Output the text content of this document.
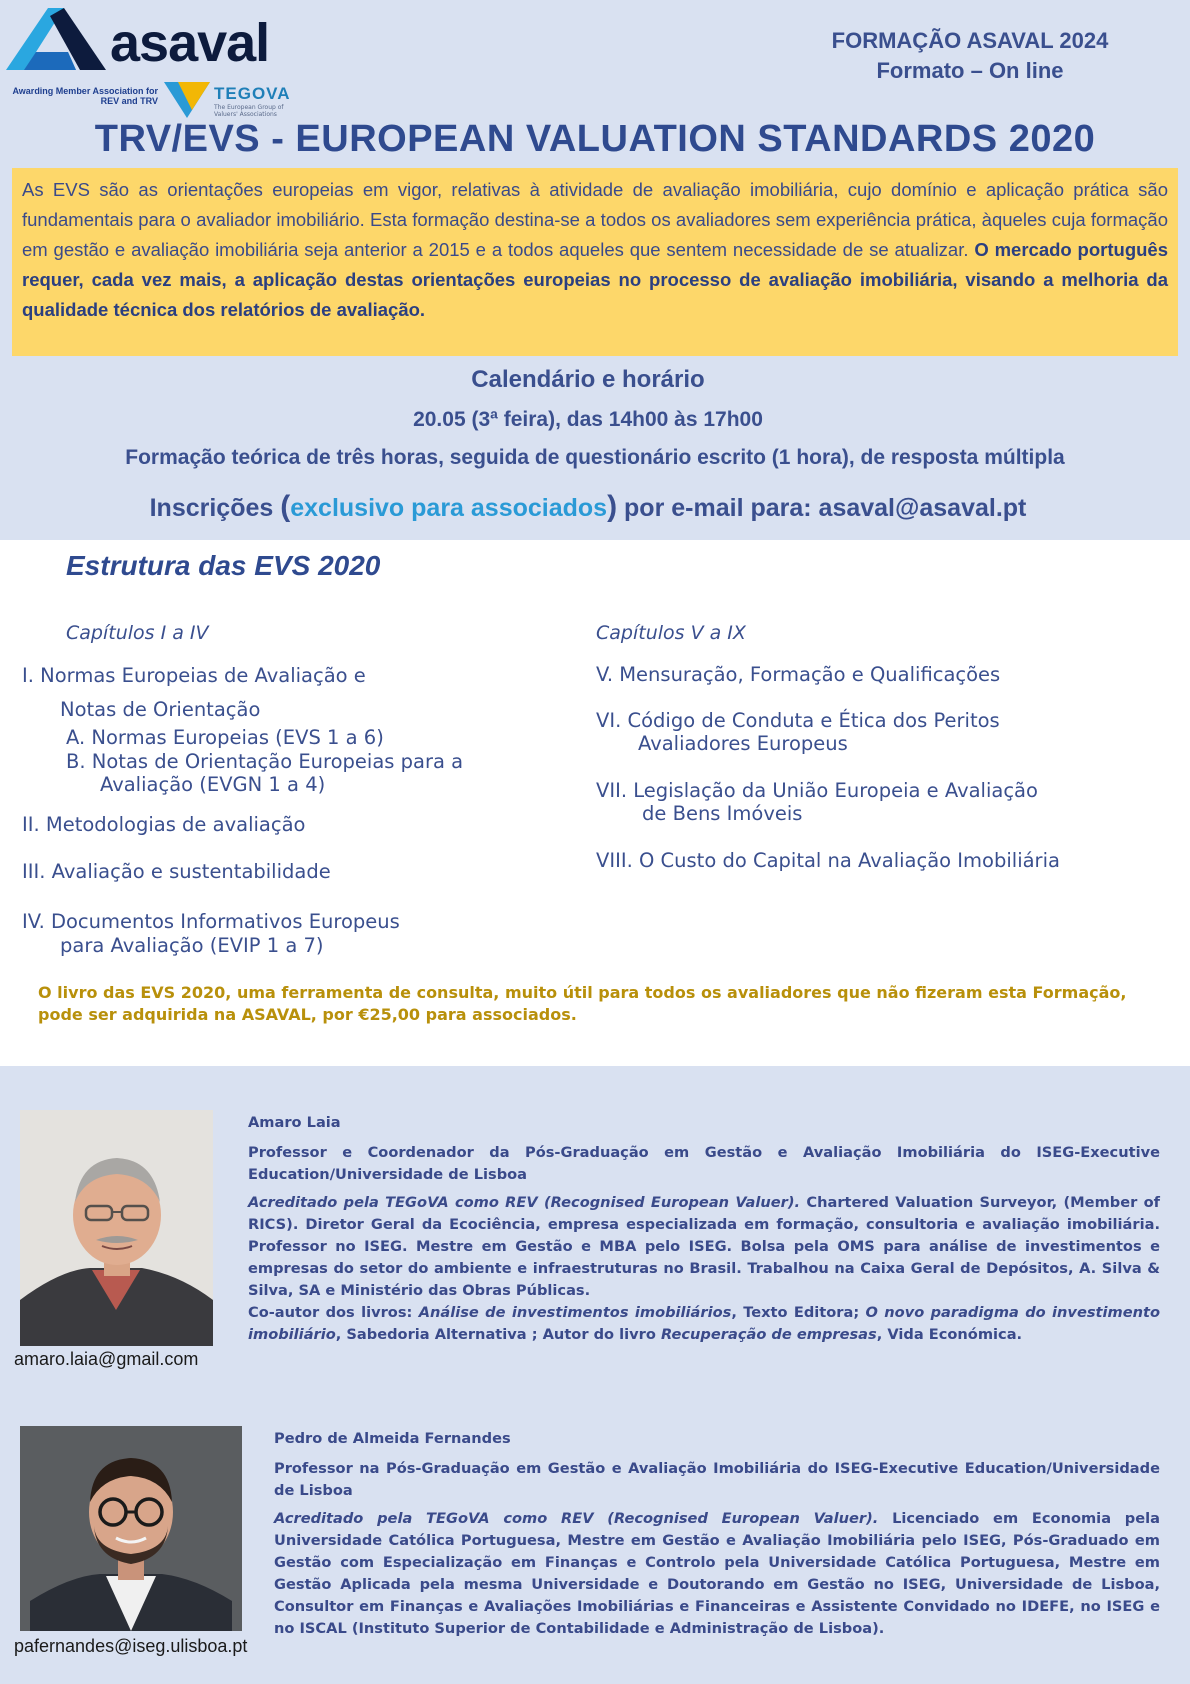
asaval
Awarding Member Association for REV and TRV	TEGOVA
The European Group of Valuers' Associations
FORMAÇÃO ASAVAL 2024
Formato – On line
TRV/EVS - EUROPEAN VALUATION STANDARDS 2020
As EVS são as orientações europeias em vigor, relativas à atividade de avaliação imobiliária, cujo domínio e aplicação prática são fundamentais para o avaliador imobiliário. Esta formação destina-se a todos os avaliadores sem experiência prática, àqueles cuja formação em gestão e avaliação imobiliária seja anterior a 2015 e a todos aqueles que sentem necessidade de se atualizar. O mercado português requer, cada vez mais, a aplicação destas orientações europeias no processo de avaliação imobiliária, visando a melhoria da qualidade técnica dos relatórios de avaliação.
Calendário e horário
20.05 (3ª feira), das 14h00 às 17h00
Formação teórica de três horas, seguida de questionário escrito (1 hora), de resposta múltipla
Inscrições (exclusivo para associados) por e-mail para: asaval@asaval.pt
Estrutura das EVS 2020
Capítulos I a IV	Capítulos V a IX
I. Normas Europeias de Avaliação e
Notas de Orientação
A. Normas Europeias (EVS 1 a 6)
B. Notas de Orientação Europeias para a
Avaliação (EVGN 1 a 4)
II. Metodologias de avaliação
III. Avaliação e sustentabilidade
IV. Documentos Informativos Europeus
para Avaliação (EVIP 1 a 7)
V. Mensuração, Formação e Qualificações
VI. Código de Conduta e Ética dos Peritos
Avaliadores Europeus
VII. Legislação da União Europeia e Avaliação
de Bens Imóveis
VIII. O Custo do Capital na Avaliação Imobiliária
O livro das EVS 2020, uma ferramenta de consulta, muito útil para todos os avaliadores que não fizeram esta Formação, pode ser adquirida na ASAVAL, por €25,00 para associados.
amaro.laia@gmail.com
Amaro Laia

Professor e Coordenador da Pós-Graduação em Gestão e Avaliação Imobiliária do ISEG-Executive Education/Universidade de Lisboa

Acreditado pela TEGoVA como REV (Recognised European Valuer). Chartered Valuation Surveyor, (Member of RICS). Diretor Geral da Ecociência, empresa especializada em formação, consultoria e avaliação imobiliária. Professor no ISEG. Mestre em Gestão e MBA pelo ISEG. Bolsa pela OMS para análise de investimentos e empresas do setor do ambiente e infraestruturas no Brasil. Trabalhou na Caixa Geral de Depósitos, A. Silva & Silva, SA e Ministério das Obras Públicas.
Co-autor dos livros: Análise de investimentos imobiliários, Texto Editora; O novo paradigma do investimento imobiliário, Sabedoria Alternativa ; Autor do livro Recuperação de empresas, Vida Económica.

pafernandes@iseg.ulisboa.pt
Pedro de Almeida Fernandes

Professor na Pós-Graduação em Gestão e Avaliação Imobiliária do ISEG-Executive Education/Universidade de Lisboa

Acreditado pela TEGoVA como REV (Recognised European Valuer). Licenciado em Economia pela Universidade Católica Portuguesa, Mestre em Gestão e Avaliação Imobiliária pelo ISEG, Pós-Graduado em Gestão com Especialização em Finanças e Controlo pela Universidade Católica Portuguesa, Mestre em Gestão Aplicada pela mesma Universidade e Doutorando em Gestão no ISEG, Universidade de Lisboa, Consultor em Finanças e Avaliações Imobiliárias e Financeiras e Assistente Convidado no IDEFE, no ISEG e no ISCAL (Instituto Superior de Contabilidade e Administração de Lisboa).
